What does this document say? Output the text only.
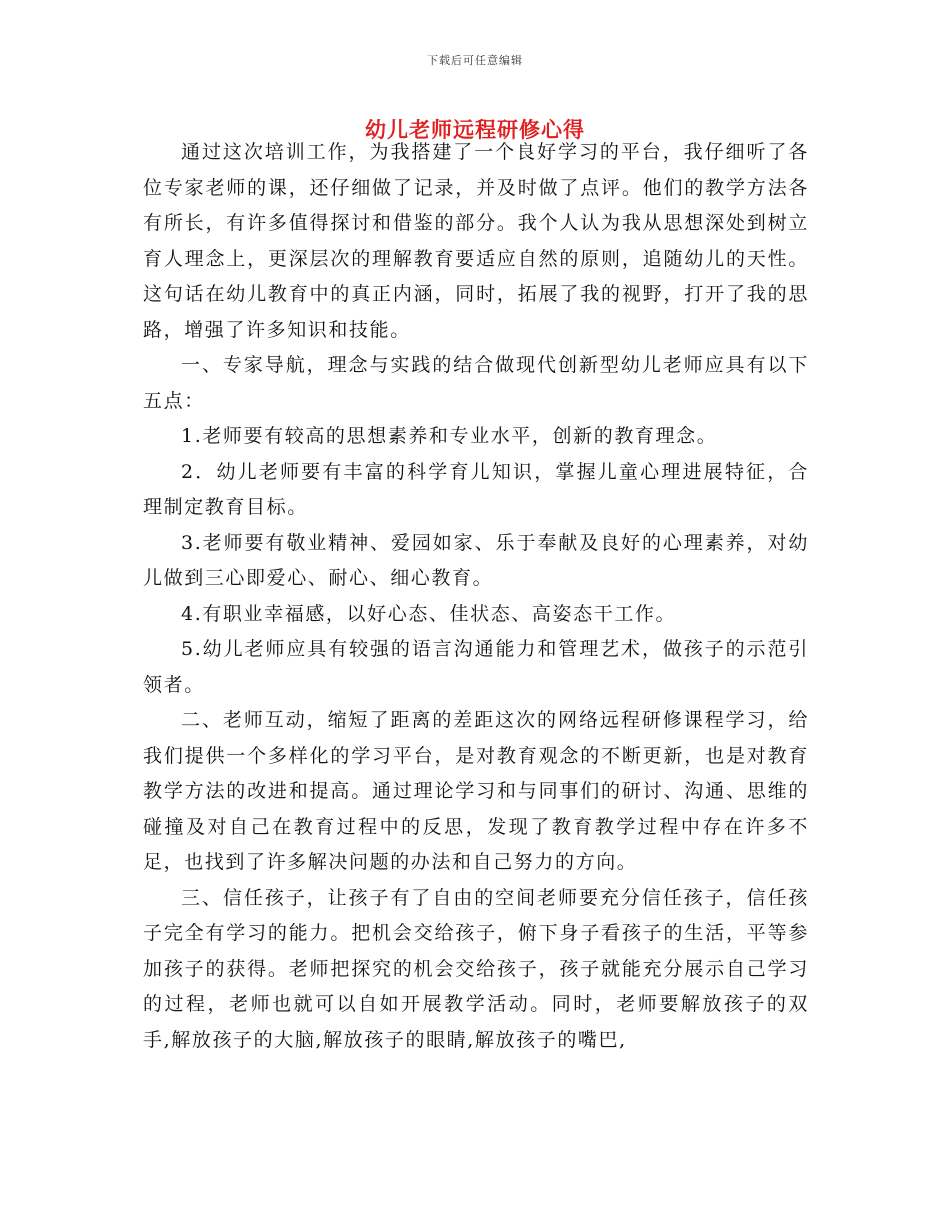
下载后可任意编辑
幼儿老师远程研修心得

通过这次培训工作，为我搭建了一个良好学习的平台，我仔细听了各位专家老师的课，还仔细做了记录，并及时做了点评。他们的教学方法各有所长，有许多值得探讨和借鉴的部分。我个人认为我从思想深处到树立育人理念上，更深层次的理解教育要适应自然的原则，追随幼儿的天性。这句话在幼儿教育中的真正内涵，同时，拓展了我的视野，打开了我的思路，增强了许多知识和技能。

一、专家导航，理念与实践的结合做现代创新型幼儿老师应具有以下五点：

1.老师要有较高的思想素养和专业水平，创新的教育理念。

2．幼儿老师要有丰富的科学育儿知识，掌握儿童心理进展特征，合理制定教育目标。

3.老师要有敬业精神、爱园如家、乐于奉献及良好的心理素养，对幼儿做到三心即爱心、耐心、细心教育。

4.有职业幸福感，以好心态、佳状态、高姿态干工作。

5.幼儿老师应具有较强的语言沟通能力和管理艺术，做孩子的示范引领者。

二、老师互动，缩短了距离的差距这次的网络远程研修课程学习，给我们提供一个多样化的学习平台，是对教育观念的不断更新，也是对教育教学方法的改进和提高。通过理论学习和与同事们的研讨、沟通、思维的碰撞及对自己在教育过程中的反思，发现了教育教学过程中存在许多不足，也找到了许多解决问题的办法和自己努力的方向。

三、信任孩子，让孩子有了自由的空间老师要充分信任孩子，信任孩子完全有学习的能力。把机会交给孩子，俯下身子看孩子的生活，平等参加孩子的获得。老师把探究的机会交给孩子，孩子就能充分展示自己学习的过程，老师也就可以自如开展教学活动。同时，老师要解放孩子的双手,解放孩子的大脑,解放孩子的眼睛,解放孩子的嘴巴,
